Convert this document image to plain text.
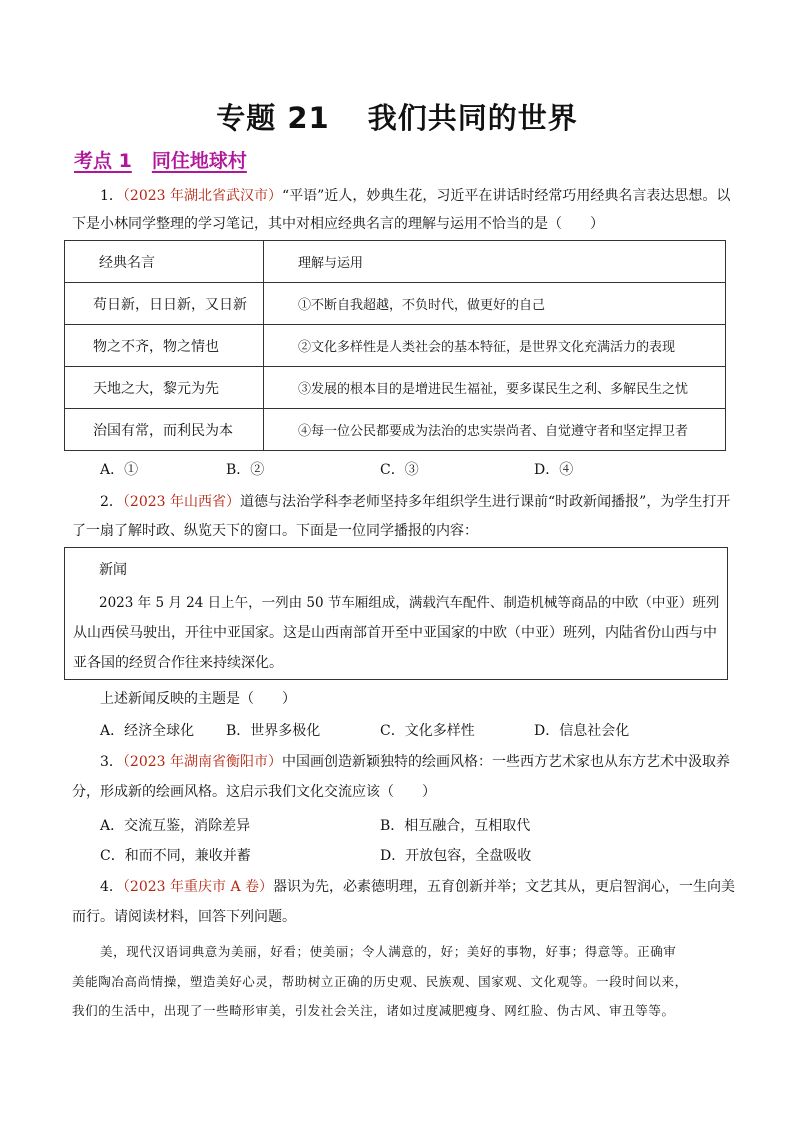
专题 21 我们共同的世界
考点 1 同住地球村
1．（2023 年湖北省武汉市）“平语”近人，妙典生花，习近平在讲话时经常巧用经典名言表达思想。以
下是小林同学整理的学习笔记，其中对相应经典名言的理解与运用不恰当的是（　　）
经典名言	理解与运用
苟日新，日日新，又日新	①不断自我超越，不负时代，做更好的自己
物之不齐，物之情也	②文化多样性是人类社会的基本特征，是世界文化充满活力的表现
天地之大，黎元为先	③发展的根本目的是增进民生福祉，要多谋民生之利、多解民生之忧
治国有常，而利民为本	④每一位公民都要成为法治的忠实崇尚者、自觉遵守者和坚定捍卫者
A．①	B．②	C．③	D．④
2．（2023 年山西省）道德与法治学科李老师坚持多年组织学生进行课前“时政新闻播报”，为学生打开
了一扇了解时政、纵览天下的窗口。下面是一位同学播报的内容：
新闻
2023 年 5 月 24 日上午，一列由 50 节车厢组成，满载汽车配件、制造机械等商品的中欧（中亚）班列
从山西侯马驶出，开往中亚国家。这是山西南部首开至中亚国家的中欧（中亚）班列，内陆省份山西与中
亚各国的经贸合作往来持续深化。
上述新闻反映的主题是（　　）
A．经济全球化 B．世界多极化	C．文化多样性	D．信息社会化
3．（2023 年湖南省衡阳市）中国画创造新颖独特的绘画风格：一些西方艺术家也从东方艺术中汲取养
分，形成新的绘画风格。这启示我们文化交流应该（　　）
A．交流互鉴，消除差异	B．相互融合，互相取代
C．和而不同，兼收并蓄	D．开放包容，全盘吸收
4．（2023 年重庆市 A 卷）器识为先，必素德明理，五育创新并举；文艺其从，更启智润心，一生向美
而行。请阅读材料，回答下列问题。
美，现代汉语词典意为美丽，好看；使美丽；令人满意的，好；美好的事物，好事；得意等。正确审
美能陶冶高尚情操，塑造美好心灵，帮助树立正确的历史观、民族观、国家观、文化观等。一段时间以来，
我们的生活中，出现了一些畸形审美，引发社会关注，诸如过度减肥瘦身、网红脸、伪古风、审丑等等。
